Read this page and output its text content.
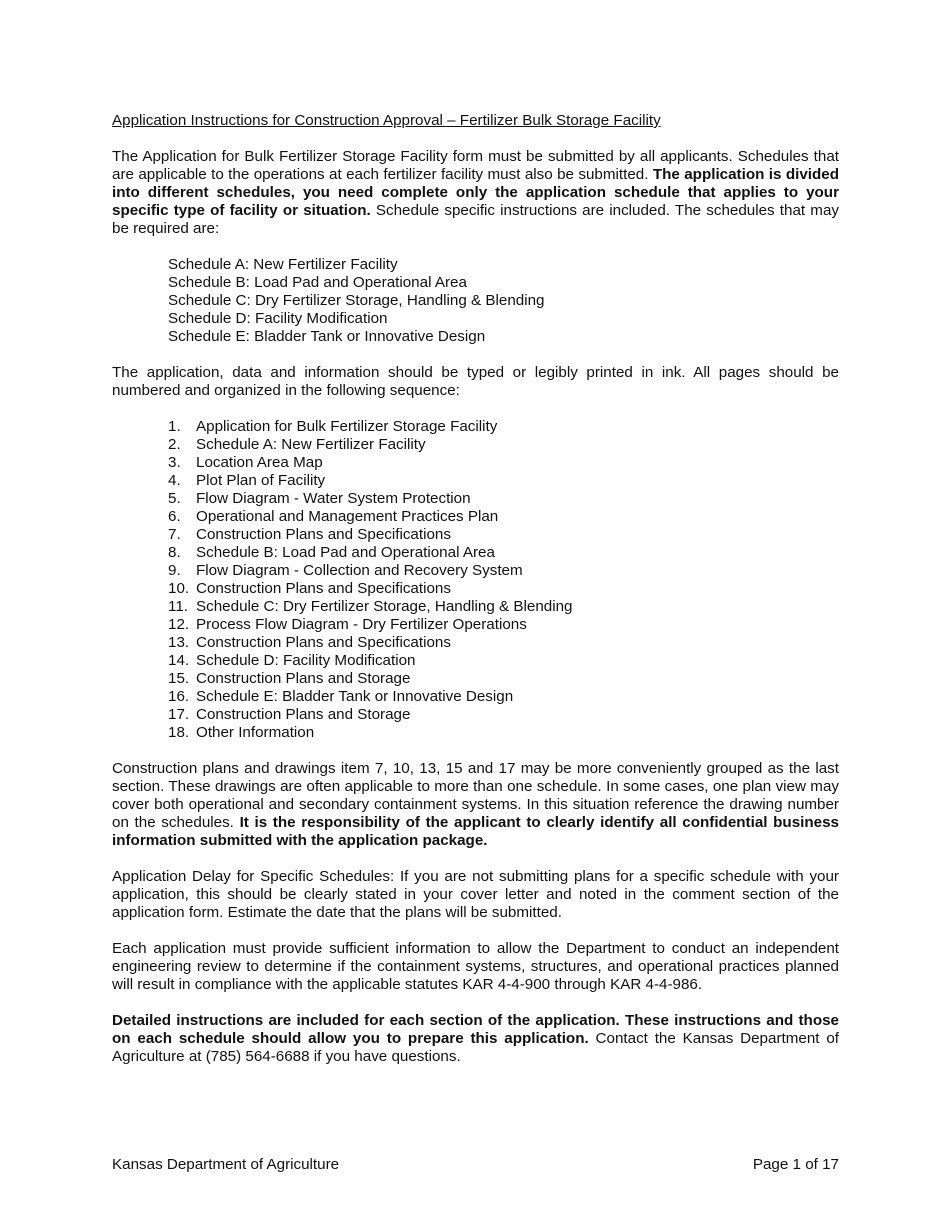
Application Instructions for Construction Approval – Fertilizer Bulk Storage Facility

The Application for Bulk Fertilizer Storage Facility form must be submitted by all applicants. Schedules that are applicable to the operations at each fertilizer facility must also be submitted. The application is divided into different schedules, you need complete only the application schedule that applies to your specific type of facility or situation. Schedule specific instructions are included. The schedules that may be required are:

Schedule A: New Fertilizer Facility
Schedule B: Load Pad and Operational Area
Schedule C: Dry Fertilizer Storage, Handling & Blending
Schedule D: Facility Modification
Schedule E: Bladder Tank or Innovative Design

The application, data and information should be typed or legibly printed in ink. All pages should be numbered and organized in the following sequence:

1.	Application for Bulk Fertilizer Storage Facility
2.	Schedule A: New Fertilizer Facility
3.	Location Area Map
4.	Plot Plan of Facility
5.	Flow Diagram - Water System Protection
6.	Operational and Management Practices Plan
7.	Construction Plans and Specifications
8.	Schedule B: Load Pad and Operational Area
9.	Flow Diagram - Collection and Recovery System
10. Construction Plans and Specifications
11. Schedule C: Dry Fertilizer Storage, Handling & Blending
12. Process Flow Diagram - Dry Fertilizer Operations
13. Construction Plans and Specifications
14. Schedule D: Facility Modification
15. Construction Plans and Storage
16. Schedule E: Bladder Tank or Innovative Design
17. Construction Plans and Storage
18. Other Information

Construction plans and drawings item 7, 10, 13, 15 and 17 may be more conveniently grouped as the last section. These drawings are often applicable to more than one schedule. In some cases, one plan view may cover both operational and secondary containment systems. In this situation reference the drawing number on the schedules. It is the responsibility of the applicant to clearly identify all confidential business information submitted with the application package.

Application Delay for Specific Schedules: If you are not submitting plans for a specific schedule with your application, this should be clearly stated in your cover letter and noted in the comment section of the application form. Estimate the date that the plans will be submitted.

Each application must provide sufficient information to allow the Department to conduct an independent engineering review to determine if the containment systems, structures, and operational practices planned will result in compliance with the applicable statutes KAR 4-4-900 through KAR 4-4-986.

Detailed instructions are included for each section of the application. These instructions and those on each schedule should allow you to prepare this application. Contact the Kansas Department of Agriculture at (785) 564-6688 if you have questions.

Kansas Department of Agriculture	Page 1 of 17
